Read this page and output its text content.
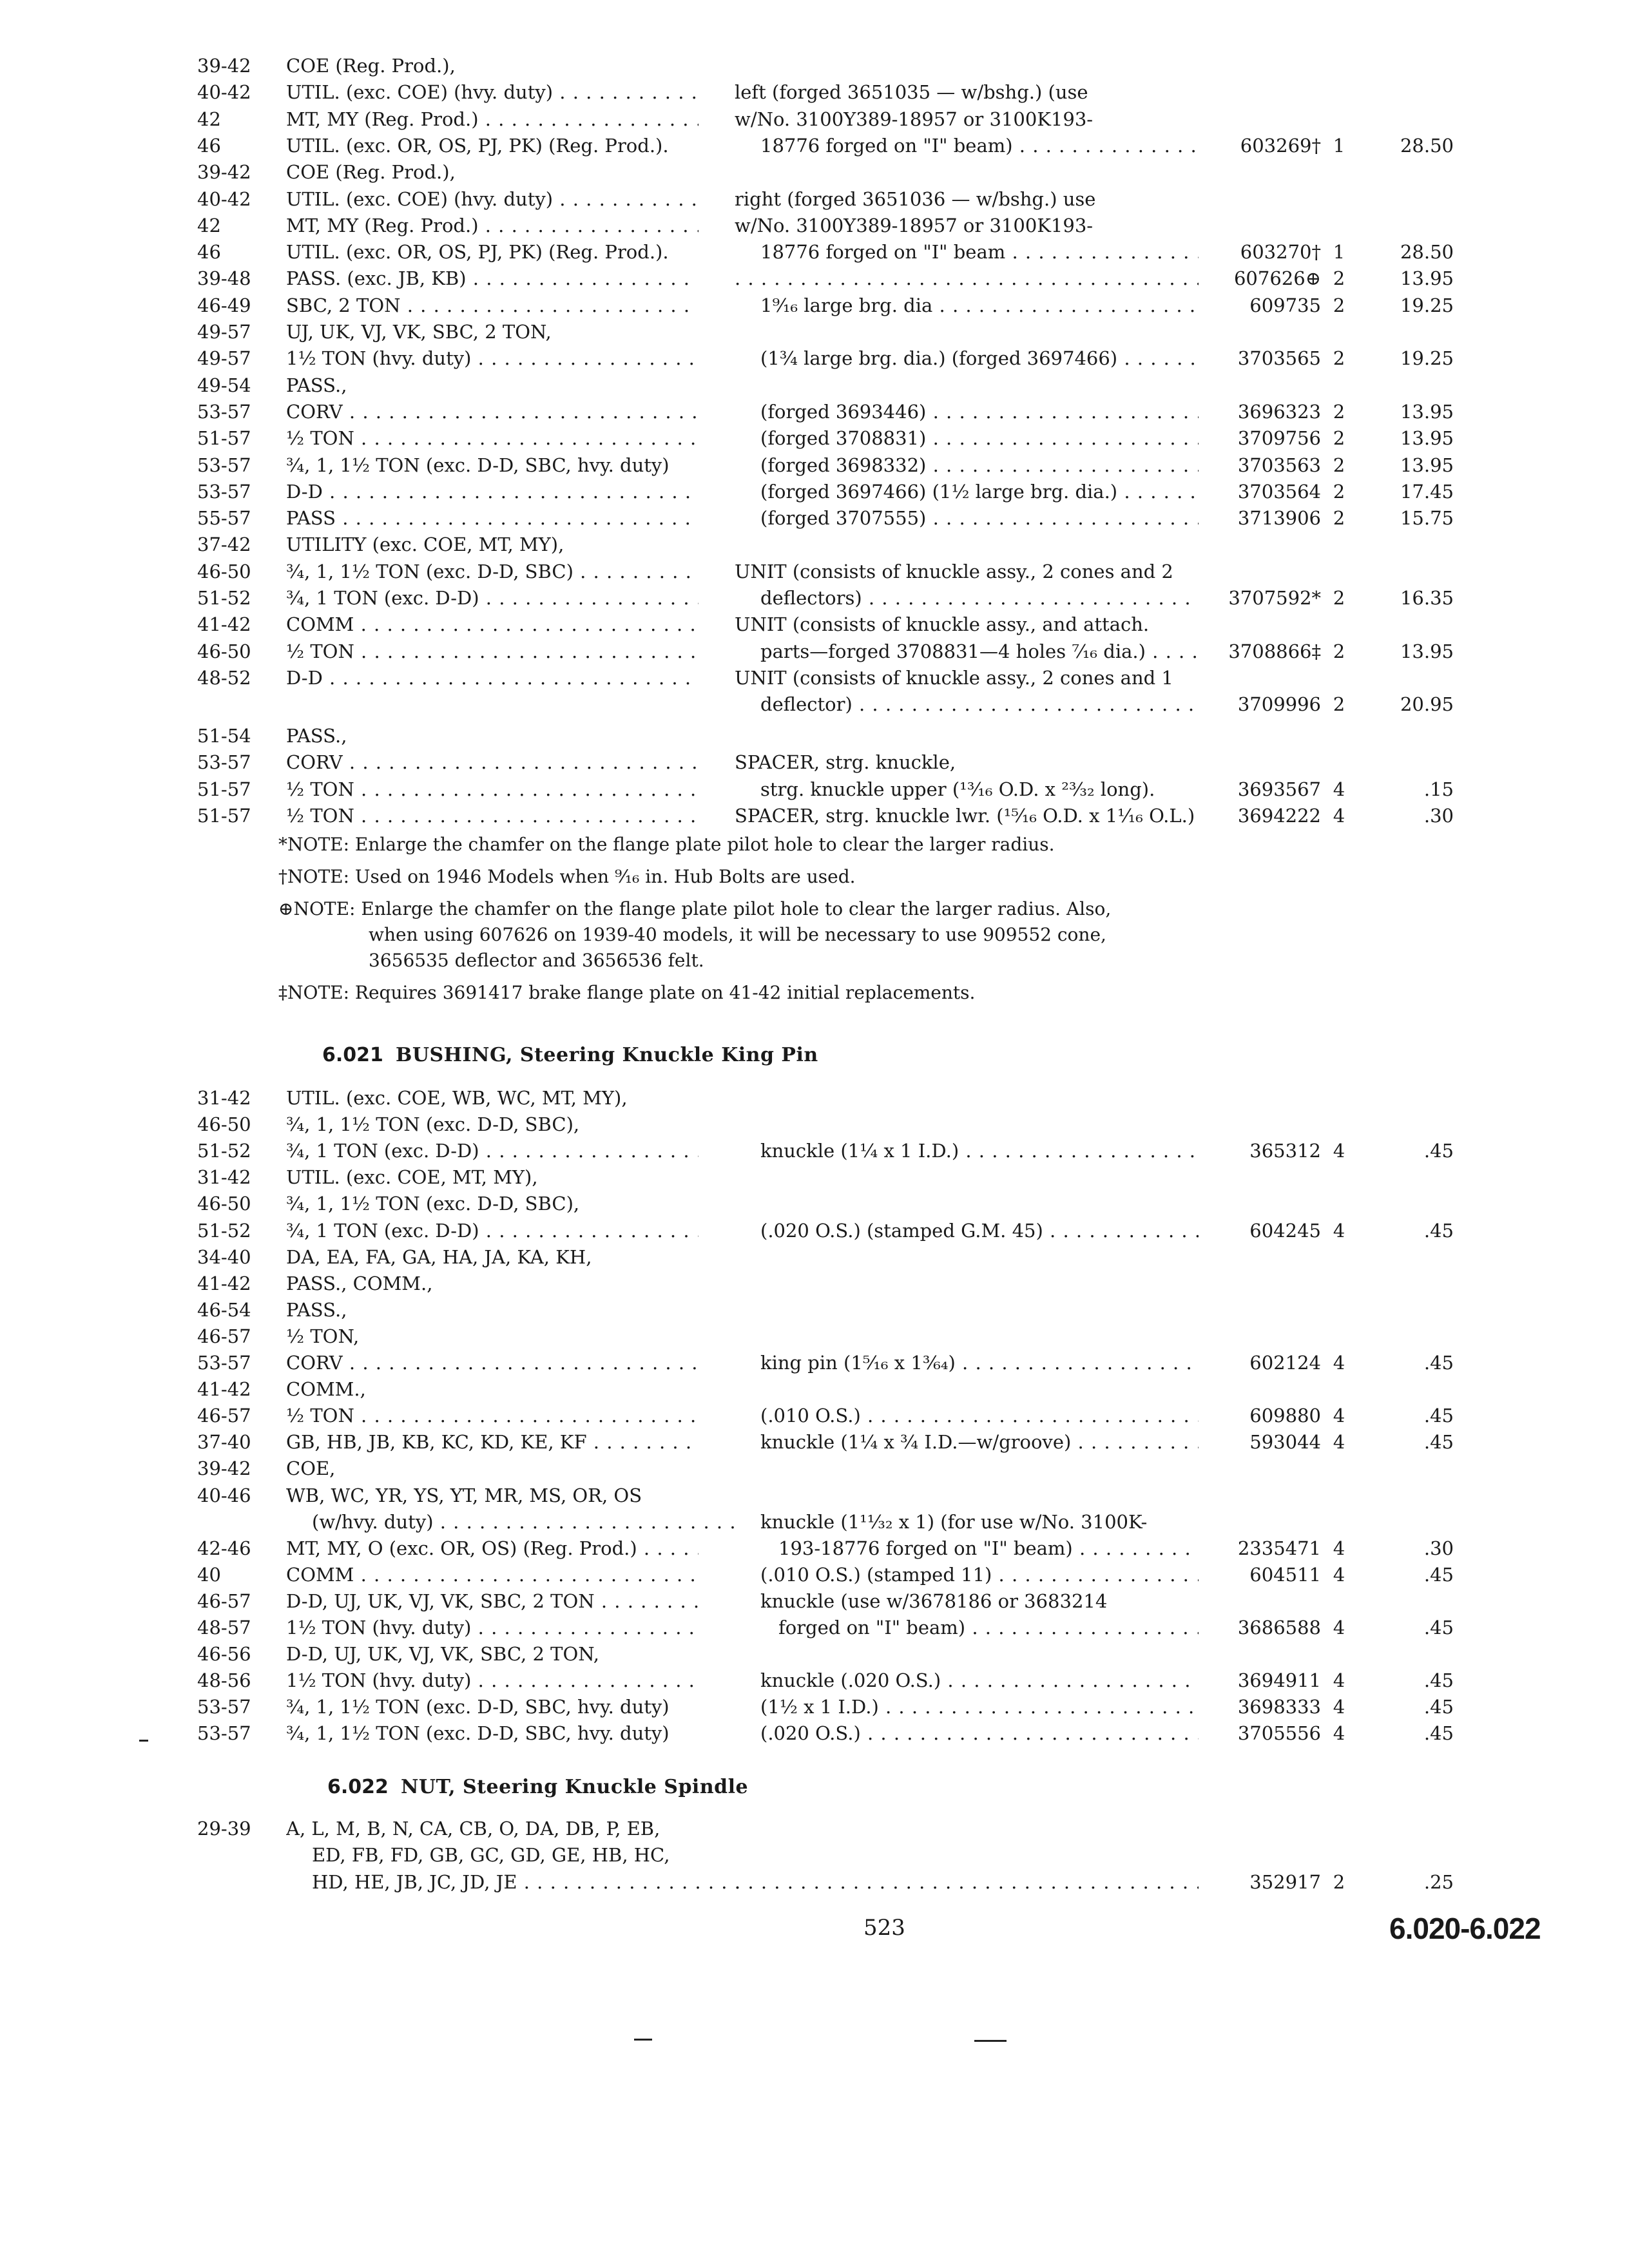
39-42 COE (Reg. Prod.),
40-42 UTIL. (exc. COE) (hvy. duty) . . .	left (forged 3651035 — w/bshg.) (use
42	MT, MY (Reg. Prod.) . . .	w/No. 3100Y389-18957 or 3100K193-
46	UTIL. (exc. OR, OS, PJ, PK) (Reg. Prod.).	18776 forged on "I" beam) . . .	603269† 1	28.50
39-42 COE (Reg. Prod.),
40-42 UTIL. (exc. COE) (hvy. duty) . . .	right (forged 3651036 — w/bshg.) use
42	MT, MY (Reg. Prod.) . . .	w/No. 3100Y389-18957 or 3100K193-
46	UTIL. (exc. OR, OS, PJ, PK) (Reg. Prod.).	18776 forged on "I" beam . . .	603270† 1	28.50
39-48 PASS. (exc. JB, KB) . . . . . .	607626⊕ 2	13.95
46-49 SBC, 2 TON . . .	1⁹⁄₁₆ large brg. dia . . .	609735 2	19.25
49-57 UJ, UK, VJ, VK, SBC, 2 TON,
49-57 1½ TON (hvy. duty) . . .	(1¾ large brg. dia.) (forged 3697466) . . .	3703565 2	19.25
49-54 PASS.,
53-57 CORV . . .	(forged 3693446) . . .	3696323 2	13.95
51-57 ½ TON . . .	(forged 3708831) . . .	3709756 2	13.95
53-57 ¾, 1, 1½ TON (exc. D-D, SBC, hvy. duty)	(forged 3698332) . . .	3703563 2	13.95
53-57 D-D . . .	(forged 3697466) (1½ large brg. dia.) . . .	3703564 2	17.45
55-57 PASS . . .	(forged 3707555) . . .	3713906 2	15.75
37-42 UTILITY (exc. COE, MT, MY),
46-50 ¾, 1, 1½ TON (exc. D-D, SBC) . . .	UNIT (consists of knuckle assy., 2 cones and 2
51-52 ¾, 1 TON (exc. D-D) . . .	deflectors) . . .	3707592* 2	16.35
41-42 COMM . . .	UNIT (consists of knuckle assy., and attach.
46-50 ½ TON . . .	parts—forged 3708831—4 holes ⁷⁄₁₆ dia.) . . .	3708866‡ 2	13.95
48-52 D-D . . .	UNIT (consists of knuckle assy., 2 cones and 1
deflector) . . .	3709996 2	20.95
51-54 PASS.,
53-57 CORV . . .	SPACER, strg. knuckle,
51-57 ½ TON . . .	strg. knuckle upper (¹³⁄₁₆ O.D. x ²³⁄₃₂ long).	3693567 4	.15
51-57 ½ TON . . .	SPACER, strg. knuckle lwr. (¹⁵⁄₁₆ O.D. x 1¹⁄₁₆ O.L.)	3694222 4	.30
*NOTE: Enlarge the chamfer on the flange plate pilot hole to clear the larger radius.
†NOTE: Used on 1946 Models when ⁹⁄₁₆ in. Hub Bolts are used.
⊕NOTE: Enlarge the chamfer on the flange plate pilot hole to clear the larger radius. Also,
when using 607626 on 1939-40 models, it will be necessary to use 909552 cone,
3656535 deflector and 3656536 felt.
‡NOTE: Requires 3691417 brake flange plate on 41-42 initial replacements.
6.021 BUSHING, Steering Knuckle King Pin
31-42 UTIL. (exc. COE, WB, WC, MT, MY),
46-50 ¾, 1, 1½ TON (exc. D-D, SBC),
51-52 ¾, 1 TON (exc. D-D) . . .	knuckle (1¼ x 1 I.D.) . . .	365312 4	.45
31-42 UTIL. (exc. COE, MT, MY),
46-50 ¾, 1, 1½ TON (exc. D-D, SBC),
51-52 ¾, 1 TON (exc. D-D) . . .	(.020 O.S.) (stamped G.M. 45) . . .	604245 4	.45
34-40 DA, EA, FA, GA, HA, JA, KA, KH,
41-42 PASS., COMM.,
46-54 PASS.,
46-57 ½ TON,
53-57 CORV . . .	king pin (1⁵⁄₁₆ x 1³⁄₆₄) . . .	602124 4	.45
41-42 COMM.,
46-57 ½ TON . . .	(.010 O.S.) . . .	609880 4	.45
37-40 GB, HB, JB, KB, KC, KD, KE, KF . . .	knuckle (1¼ x ¾ I.D.—w/groove) . . .	593044 4	.45
39-42 COE,
40-46 WB, WC, YR, YS, YT, MR, MS, OR, OS
(w/hvy. duty) . . .	knuckle (1¹¹⁄₃₂ x 1) (for use w/No. 3100K-
42-46 MT, MY, O (exc. OR, OS) (Reg. Prod.) . . .	193-18776 forged on "I" beam) . . .	2335471 4	.30
40	COMM . . .	(.010 O.S.) (stamped 11) . . .	604511 4	.45
46-57 D-D, UJ, UK, VJ, VK, SBC, 2 TON . . .	knuckle (use w/3678186 or 3683214
48-57 1½ TON (hvy. duty) . . .	forged on "I" beam) . . .	3686588 4	.45
46-56 D-D, UJ, UK, VJ, VK, SBC, 2 TON,
48-56 1½ TON (hvy. duty) . . .	knuckle (.020 O.S.) . . .	3694911 4	.45
53-57 ¾, 1, 1½ TON (exc. D-D, SBC, hvy. duty)	(1½ x 1 I.D.) . . .	3698333 4	.45
53-57 ¾, 1, 1½ TON (exc. D-D, SBC, hvy. duty)	(.020 O.S.) . . .	3705556 4	.45
6.022 NUT, Steering Knuckle Spindle
29-39 A, L, M, B, N, CA, CB, O, DA, DB, P, EB,
ED, FB, FD, GB, GC, GD, GE, HB, HC,
HD, HE, JB, JC, JD, JE . . . . . .	352917 2	.25
523	6.020-6.022
